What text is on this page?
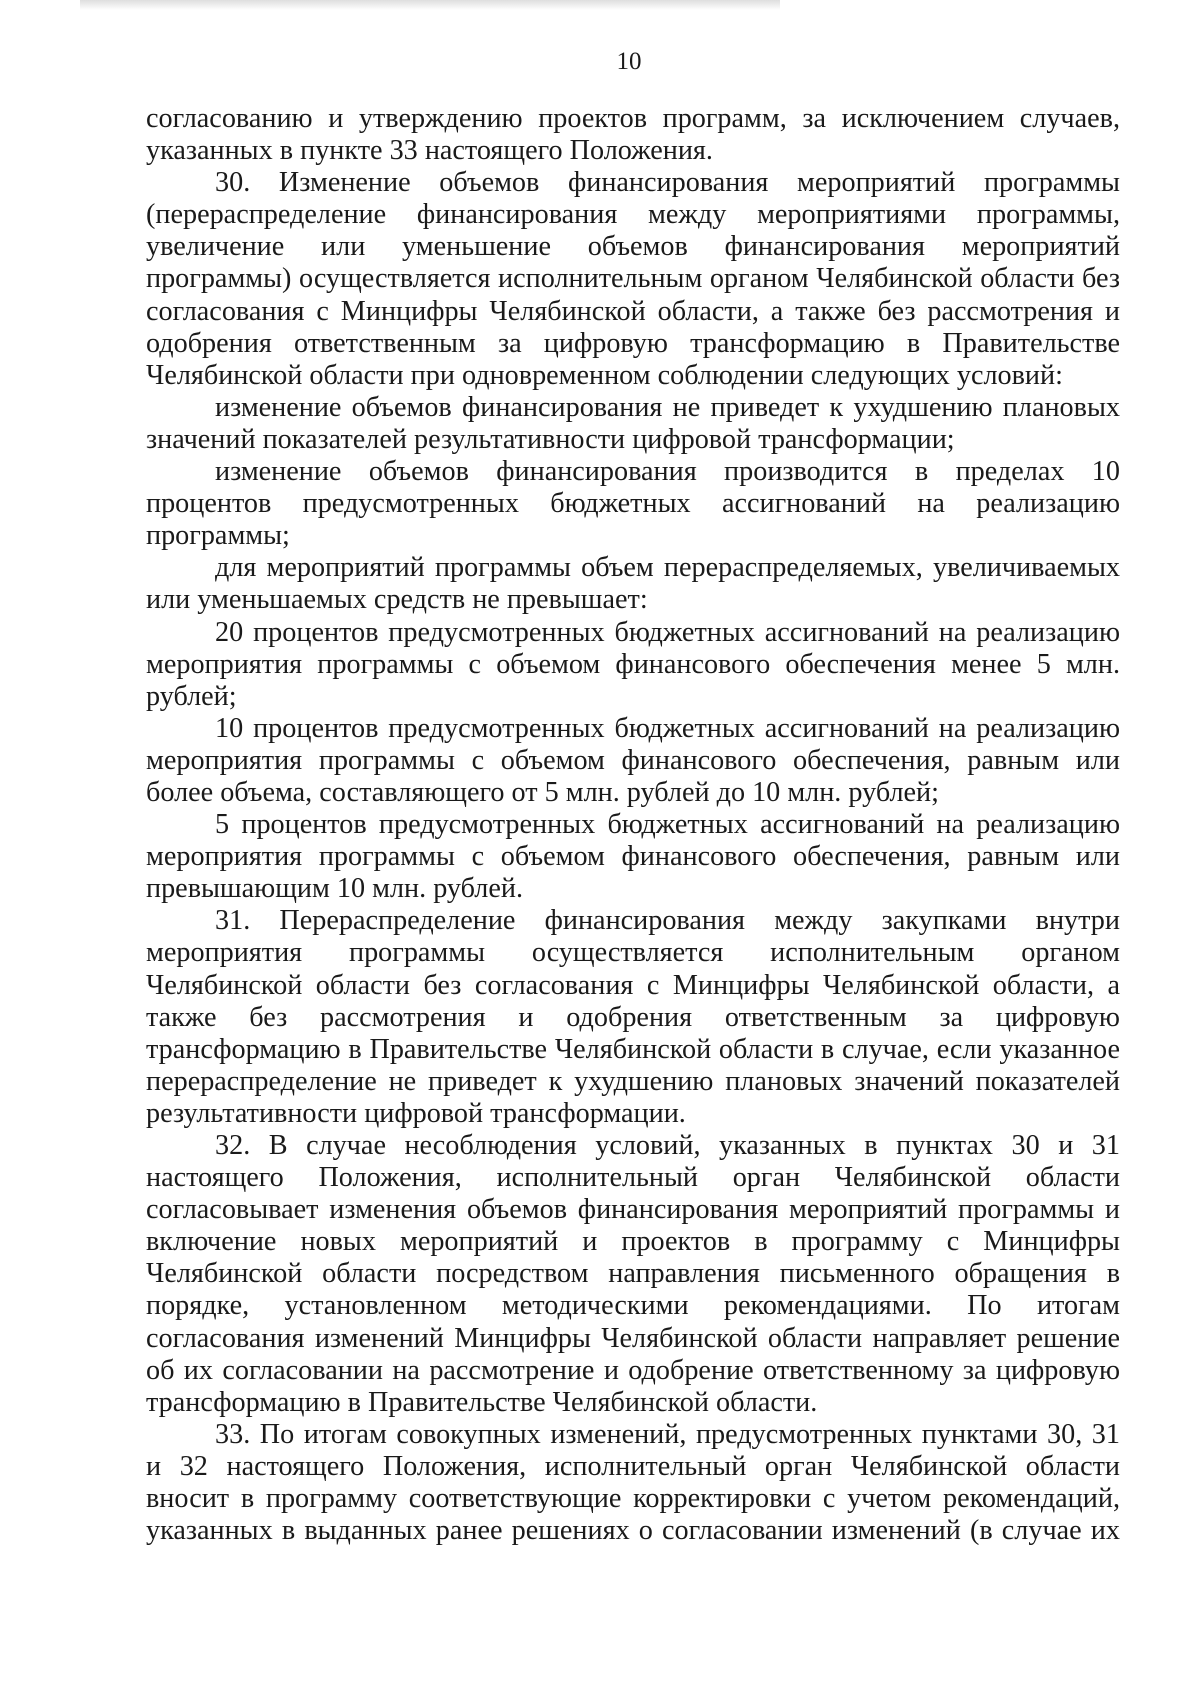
10

согласованию и утверждению проектов программ, за исключением случаев, указанных в пункте 33 настоящего Положения.

30. Изменение объемов финансирования мероприятий программы (перераспределение финансирования между мероприятиями программы, увеличение или уменьшение объемов финансирования мероприятий программы) осуществляется исполнительным органом Челябинской области без согласования с Минцифры Челябинской области, а также без рассмотрения и одобрения ответственным за цифровую трансформацию в Правительстве Челябинской области при одновременном соблюдении следующих условий:

изменение объемов финансирования не приведет к ухудшению плановых значений показателей результативности цифровой трансформации;

изменение объемов финансирования производится в пределах 10 процентов предусмотренных бюджетных ассигнований на реализацию программы;

для мероприятий программы объем перераспределяемых, увеличиваемых или уменьшаемых средств не превышает:

20 процентов предусмотренных бюджетных ассигнований на реализацию мероприятия программы с объемом финансового обеспечения менее 5 млн. рублей;

10 процентов предусмотренных бюджетных ассигнований на реализацию мероприятия программы с объемом финансового обеспечения, равным или более объема, составляющего от 5 млн. рублей до 10 млн. рублей;

5 процентов предусмотренных бюджетных ассигнований на реализацию мероприятия программы с объемом финансового обеспечения, равным или превышающим 10 млн. рублей.

31. Перераспределение финансирования между закупками внутри мероприятия программы осуществляется исполнительным органом Челябинской области без согласования с Минцифры Челябинской области, а также без рассмотрения и одобрения ответственным за цифровую трансформацию в Правительстве Челябинской области в случае, если указанное перераспределение не приведет к ухудшению плановых значений показателей результативности цифровой трансформации.

32. В случае несоблюдения условий, указанных в пунктах 30 и 31 настоящего Положения, исполнительный орган Челябинской области согласовывает изменения объемов финансирования мероприятий программы и включение новых мероприятий и проектов в программу с Минцифры Челябинской области посредством направления письменного обращения в порядке, установленном методическими рекомендациями. По итогам согласования изменений Минцифры Челябинской области направляет решение об их согласовании на рассмотрение и одобрение ответственному за цифровую трансформацию в Правительстве Челябинской области.

33. По итогам совокупных изменений, предусмотренных пунктами 30, 31 и 32 настоящего Положения, исполнительный орган Челябинской области вносит в программу соответствующие корректировки с учетом рекомендаций, указанных в выданных ранее решениях о согласовании изменений (в случае их
